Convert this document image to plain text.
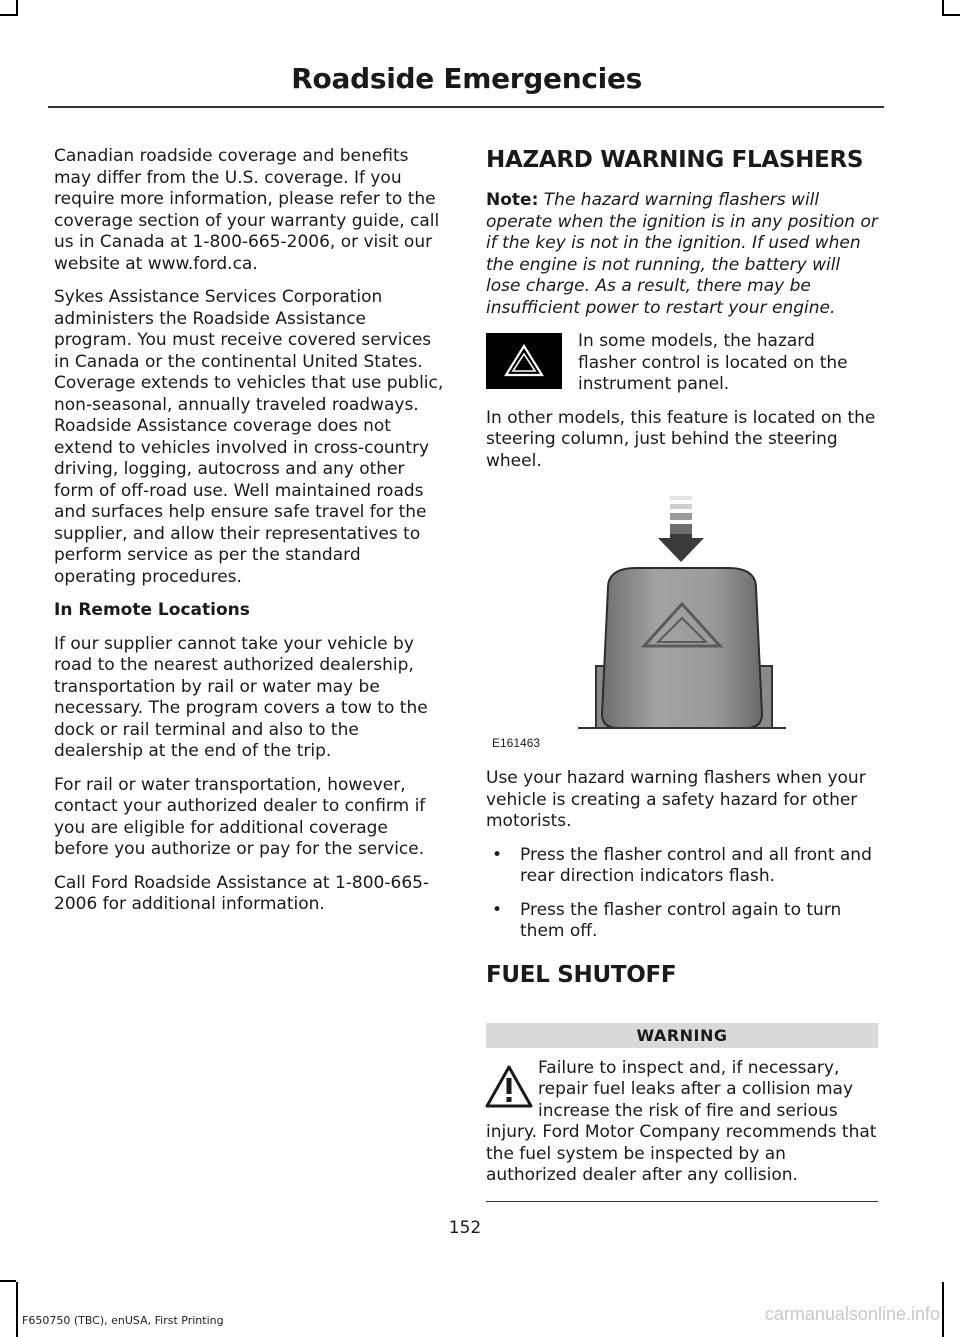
Roadside Emergencies

Canadian roadside coverage and benefits may differ from the U.S. coverage. If you require more information, please refer to the coverage section of your warranty guide, call us in Canada at 1-800-665-2006, or visit our website at www.ford.ca.

Sykes Assistance Services Corporation administers the Roadside Assistance program. You must receive covered services in Canada or the continental United States. Coverage extends to vehicles that use public, non-seasonal, annually traveled roadways. Roadside Assistance coverage does not extend to vehicles involved in cross-country driving, logging, autocross and any other form of off-road use. Well maintained roads and surfaces help ensure safe travel for the supplier, and allow their representatives to perform service as per the standard operating procedures.

In Remote Locations

If our supplier cannot take your vehicle by road to the nearest authorized dealership, transportation by rail or water may be necessary. The program covers a tow to the dock or rail terminal and also to the dealership at the end of the trip.

For rail or water transportation, however, contact your authorized dealer to confirm if you are eligible for additional coverage before you authorize or pay for the service.

Call Ford Roadside Assistance at 1-800-665-2006 for additional information.

HAZARD WARNING FLASHERS

Note: The hazard warning flashers will operate when the ignition is in any position or if the key is not in the ignition. If used when the engine is not running, the battery will lose charge. As a result, there may be insufficient power to restart your engine.

In some models, the hazard flasher control is located on the instrument panel.

In other models, this feature is located on the steering column, just behind the steering wheel.

E161463

Use your hazard warning flashers when your vehicle is creating a safety hazard for other motorists.

• Press the flasher control and all front and rear direction indicators flash.
• Press the flasher control again to turn them off.
FUEL SHUTOFF
WARNING

Failure to inspect and, if necessary, repair fuel leaks after a collision may increase the risk of fire and serious injury. Ford Motor Company recommends that the fuel system be inspected by an authorized dealer after any collision.

152
F650750 (TBC), enUSA, First Printing	carmanualsonline.info
